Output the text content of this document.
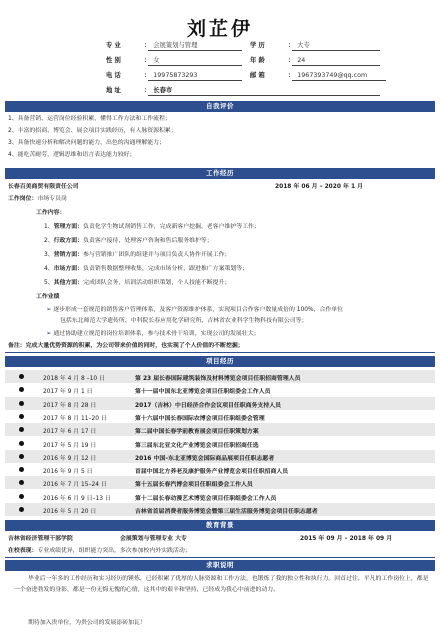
刘芷伊
专 业	： 会展策划与管理	学 历	： 大专
性 别	： 女	年 龄	： 24
电 话	： 19975873293	邮 箱	： 1967393749@qq.com
地 址	： 长春市
自我评价
1、具备营销、运营岗位经验积累，懂得工作方法和工作流程；
2、丰富的招商、博览会、展会项目实践经历，有人脉资源积累；
3、具备快速分析和解决问题的能力，出色的沟通理解能力；
4、能吃苦耐劳，逻辑思维和语言表达能力较好；
工作经历
长春百美商贸有限责任公司	2018 年 06 月 – 2020 年 1 月
工作岗位：市场专员岗
工作内容：
1、管理方面：负责化学生物试剂销售工作，完成新客户挖掘、老客户维护等工作；
2、行政方面：负责客户接待，处理客户咨询和售后服务维护等；
3、营销方面：参与营销推广团队的组建并与项目负责人协作开展工作；
4、市场方面：负责销售数据整理收集，完成市场分析，跟进推广方案策划等；
5、其他方面：完成团队会务，培训活动组织策划，个人技能不断提升；
工作业绩
➢ 逐步形成一套规范的销售客户管理体系，及客户资源维护体系，实现项目合作客户数量成倍的 100%，合作单位
包括东北师范大学遗传所、中科院长春应用化学研究所、吉林省农业科学生物科技有限公司等；
➢ 通过协助建立规范的岗位培训体系，参与技术骨干培训，实现公司的发展壮大；
备注：完成大量优势资源的积累，为公司带来价值的同时，也实现了个人价值的不断挖掘；
项目经历
2018 年 4 月 8 –10 日	第 23 届长春国际建筑装饰及材料博览会项目任职招商管理人员
2017 年 9 月 1 日	第十一届中国东北亚博览会项目任职组委会工作人员
2017 年 8 月 28 日	2017（吉林）中日经济合作会议项目任职商务支持人员
2017 年 8 月 11–20 日	第十六届中国长春国际农博会项目任职组委会管理
2017 年 6 月 17 日	第二届中国长春学前教育展会项目任职策划方案
2017 年 5 月 19 日	第三届东北亚文化产业博览会项目任职招商任选
2016 年 9 月 12 日	2016 中国–东北亚博览会国际商品展项目任职志愿者
2016 年 9 月 5 日	首届中国北方养老及康护服务产业博览会项目任职招商人员
2016 年 7 月 15–24 日	第十五届长春汽博会项目任职组委会工作人员
2016 年 6 月 9 日–13 日	第十二届长春动漫艺术博览会项目任职组委会工作人员
2016 年 5 月 20 日	吉林省首届消费者服务博览会暨第三届生活服务博览会项目任职志愿者
教育背景
吉林省经济管理干部学院	会展策划与管理专业 大专	2015 年 09 月 – 2018 年 09 月
在校表现：专业成绩优异，组织能力突出，多次参加校内外实践活动；
求职说明
毕业后一年多的工作经历和实习经历的锤炼，已经积累了优厚的人脉资源和工作方法，也锻炼了我的独立性和执行力。回首过往，平凡的工作岗位上，都是一个奋进勃发的身影，都是一份无悔无愧的心情，这其中的艰辛和坚持，已经成为我心中前进的动力。
期待加入贵单位，为贵公司的发展添砖加瓦！
